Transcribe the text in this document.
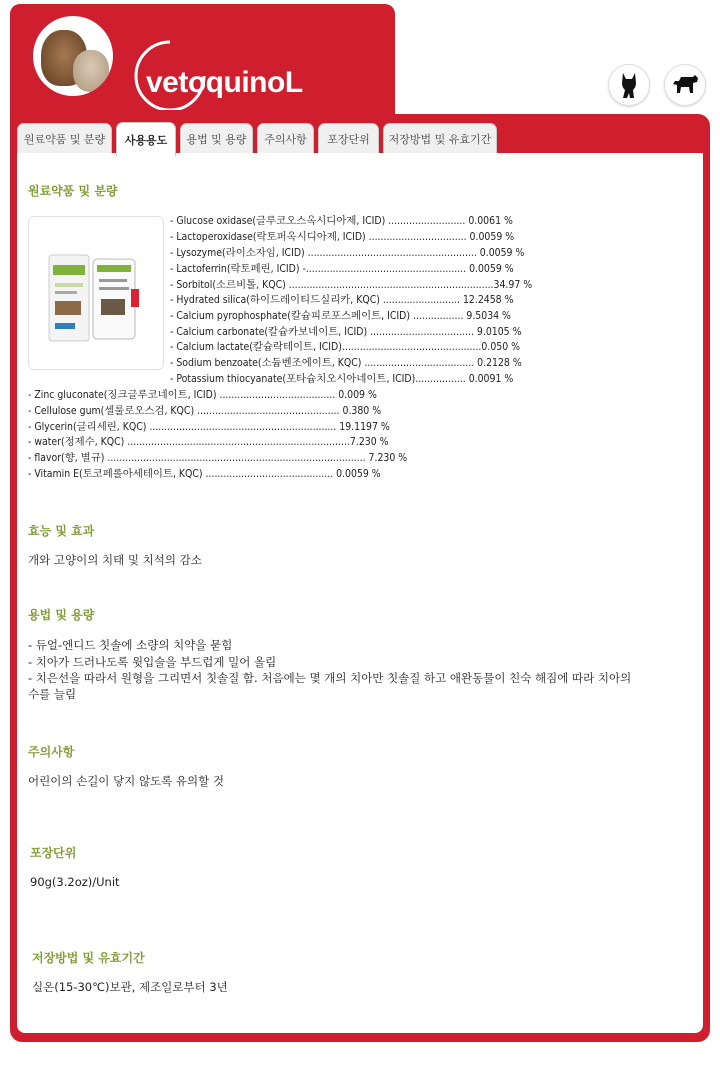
vetoquinoL
원료약품 및 분량	사용용도	용법 및 용량	주의사항	포장단위	저장방법 및 유효기간
원료약품 및 분량
- Glucose oxidase(글루코오스옥시디아제, ICID) .......................... 0.0061 %
- Lactoperoxidase(락토퍼옥시디아제, ICID) ................................. 0.0059 %
- Lysozyme(라이소자임, ICID) ......................................................... 0.0059 %
- Lactoferrin(락토페린, ICID) -...................................................... 0.0059 %
- Sorbitol(소르비톨, KQC) .....................................................................34.97 %
- Hydrated silica(하이드레이티드실리카, KQC) .......................... 12.2458 %
- Calcium pyrophosphate(칼슘피로포스페이트, ICID) ................. 9.5034 %
- Calcium carbonate(칼슘카보네이트, ICID) ................................... 9.0105 %
- Calcium lactate(칼슘락테이트, ICID)...............................................0.050 %
- Sodium benzoate(소듐벤조에이트, KQC) ..................................... 0.2128 %
- Potassium thiocyanate(포타슘치오시아네이트, ICID)................. 0.0091 %
- Zinc gluconate(징크글루코네이트, ICID) ....................................... 0.009 %
- Cellulose gum(셀룰로오스검, KQC) ................................................ 0.380 %
- Glycerin(글리세린, KQC) ............................................................... 19.1197 %
- water(정제수, KQC) ...........................................................................7.230 %
- flavor(향, 별규) ....................................................................................... 7.230 %
- Vitamin E(토코페롤아세테이트, KQC) ........................................... 0.0059 %
효능 및 효과
개와 고양이의 치태 및 치석의 감소
용법 및 용량
- 듀얼-엔디드 칫솔에 소량의 치약을 묻힘
- 치아가 드러나도록 윗입술을 부드럽게 밀어 올림
- 치은선을 따라서 원형을 그리면서 칫솔질 함. 처음에는 몇 개의 치아만 칫솔질 하고 애완동물이 친숙 해짐에 따라 치아의
수를 늘림
주의사항
어린이의 손길이 닿지 않도록 유의할 것
포장단위
90g(3.2oz)/Unit
저장방법 및 유효기간
실온(15-30℃)보관, 제조일로부터 3년
